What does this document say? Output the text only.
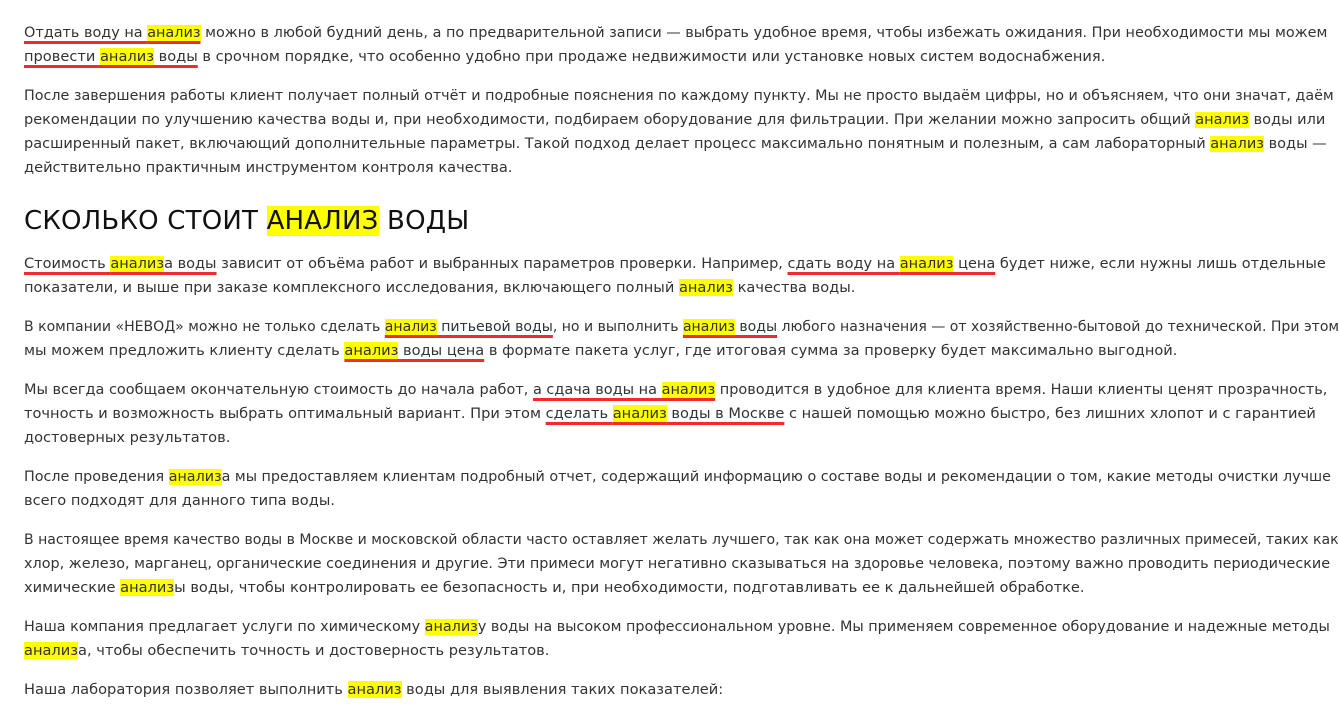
Отдать воду на анализ можно в любой будний день, а по предварительной записи — выбрать удобное время, чтобы избежать ожидания. При необходимости мы можем
провести анализ воды в срочном порядке, что особенно удобно при продаже недвижимости или установке новых систем водоснабжения.

После завершения работы клиент получает полный отчёт и подробные пояснения по каждому пункту. Мы не просто выдаём цифры, но и объясняем, что они значат, даём
рекомендации по улучшению качества воды и, при необходимости, подбираем оборудование для фильтрации. При желании можно запросить общий анализ воды или
расширенный пакет, включающий дополнительные параметры. Такой подход делает процесс максимально понятным и полезным, а сам лабораторный анализ воды —
действительно практичным инструментом контроля качества.

СКОЛЬКО СТОИТ АНАЛИЗ ВОДЫ

Стоимость анализа воды зависит от объёма работ и выбранных параметров проверки. Например, сдать воду на анализ цена будет ниже, если нужны лишь отдельные
показатели, и выше при заказе комплексного исследования, включающего полный анализ качества воды.

В компании «НЕВОД» можно не только сделать анализ питьевой воды, но и выполнить анализ воды любого назначения — от хозяйственно-бытовой до технической. При этом
мы можем предложить клиенту сделать анализ воды цена в формате пакета услуг, где итоговая сумма за проверку будет максимально выгодной.

Мы всегда сообщаем окончательную стоимость до начала работ, а сдача воды на анализ проводится в удобное для клиента время. Наши клиенты ценят прозрачность,
точность и возможность выбрать оптимальный вариант. При этом сделать анализ воды в Москве с нашей помощью можно быстро, без лишних хлопот и с гарантией
достоверных результатов.

После проведения анализа мы предоставляем клиентам подробный отчет, содержащий информацию о составе воды и рекомендации о том, какие методы очистки лучше
всего подходят для данного типа воды.

В настоящее время качество воды в Москве и московской области часто оставляет желать лучшего, так как она может содержать множество различных примесей, таких как
хлор, железо, марганец, органические соединения и другие. Эти примеси могут негативно сказываться на здоровье человека, поэтому важно проводить периодические
химические анализы воды, чтобы контролировать ее безопасность и, при необходимости, подготавливать ее к дальнейшей обработке.

Наша компания предлагает услуги по химическому анализу воды на высоком профессиональном уровне. Мы применяем современное оборудование и надежные методы
анализа, чтобы обеспечить точность и достоверность результатов.

Наша лаборатория позволяет выполнить анализ воды для выявления таких показателей:
